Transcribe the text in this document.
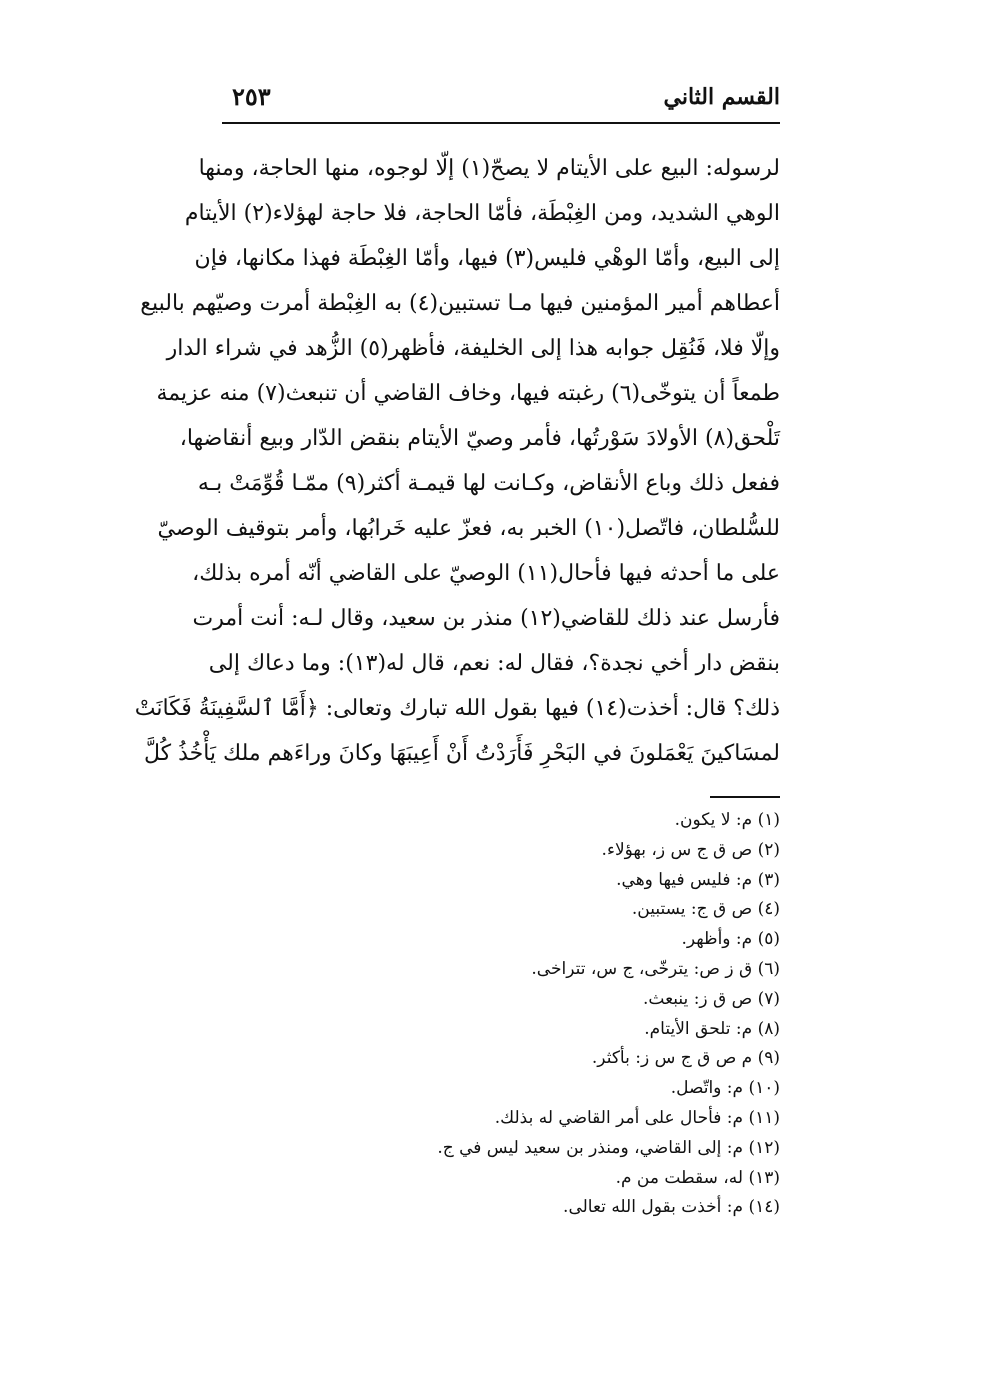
القسم الثاني
٢٥٣
لرسوله: البيع على الأيتام لا يصحّ(١) إلّا لوجوه، منها الحاجة، ومنها
الوهي الشديد، ومن الغِبْطَة، فأمّا الحاجة، فلا حاجة لهؤلاء(٢) الأيتام
إلى البيع، وأمّا الوهْي فليس(٣) فيها، وأمّا الغِبْطَة فهذا مكانها، فإن
أعطاهم أمير المؤمنين فيها مـا تستبين(٤) به الغِبْطة أمرت وصيّهم بالبيع
وإلّا فلا، فَنُقِل جوابه هذا إلى الخليفة، فأظهر(٥) الزُّهد في شراء الدار
طمعاً أن يتوخّى(٦) رغبته فيها، وخاف القاضي أن تنبعث(٧) منه عزيمة
تَلْحق(٨) الأولادَ سَوْرتُها، فأمر وصيّ الأيتام بنقض الدّار وبيع أنقاضها،
ففعل ذلك وباع الأنقاض، وكـانت لها قيمـة أكثر(٩) ممّـا قُوِّمَتْ بـه
للسُّلطان، فاتّصل(١٠) الخبر به، فعزّ عليه خَرابُها، وأمر بتوقيف الوصيّ
على ما أحدثه فيها فأحال(١١) الوصيّ على القاضي أنّه أمره بذلك،
فأرسل عند ذلك للقاضي(١٢) منذر بن سعيد، وقال لـه: أنت أمرت
بنقض دار أخي نجدة؟، فقال له: نعم، قال له(١٣): وما دعاك إلى
ذلك؟ قال: أخذت(١٤) فيها بقول الله تبارك وتعالى: ﴿أَمَّا ٱلسَّفِينَةُ فَكَانَتْ
لمسَاكينَ يَعْمَلونَ في البَحْرِ فَأَرَدْتُ أَنْ أَعِيبَهَا وكانَ وراءَهم ملك يَأْخُذُ كُلَّ
(١) م: لا يكون.
(٢) ص ق ج س ز، بهؤلاء.
(٣) م: فليس فيها وهي.
(٤) ص ق ج: يستبين.
(٥) م: وأظهر.
(٦) ق ز ص: يترخّى، ج س، تتراخى.
(٧) ص ق ز: ينبعث.
(٨) م: تلحق الأيتام.
(٩) م ص ق ج س ز: بأكثر.
(١٠) م: واتّصل.
(١١) م: فأحال على أمر القاضي له بذلك.
(١٢) م: إلى القاضي، ومنذر بن سعيد ليس في ج.
(١٣) له، سقطت من م.
(١٤) م: أخذت بقول الله تعالى.
